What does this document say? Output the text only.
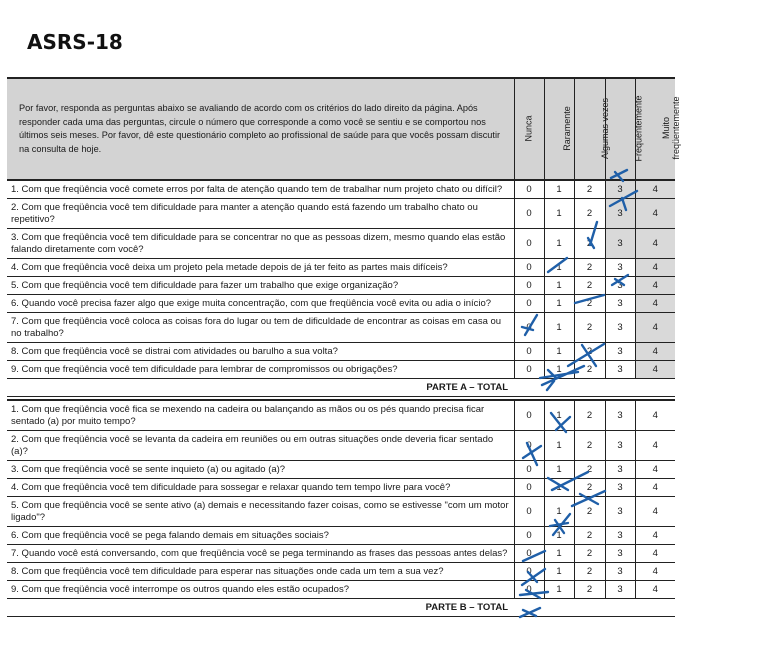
ASRS-18
Por favor, responda as perguntas abaixo se avaliando de acordo com os critérios do lado direito da página. Após responder cada uma das perguntas, circule o número que corresponde a como você se sentiu e se comportou nos últimos seis meses. Por favor, dê este questionário completo ao profissional de saúde para que vocês possam discutir na consulta de hoje.	Nunca	Raramente	Algumas vezes	Freqüentemente	Muito
freqüentemente
1. Com que freqüência você comete erros por falta de atenção quando tem de trabalhar num projeto chato ou difícil?	0	1	2	3	4
2. Com que freqüência você tem dificuldade para manter a atenção quando está fazendo um trabalho chato ou repetitivo?	0	1	2	3	4
3. Com que freqüência você tem dificuldade para se concentrar no que as pessoas dizem, mesmo quando elas estão falando diretamente com você?	0	1	2	3	4
4. Com que freqüência você deixa um projeto pela metade depois de já ter feito as partes mais difíceis?	0	1	2	3	4
5. Com que freqüência você tem dificuldade para fazer um trabalho que exige organização?	0	1	2	3	4
6. Quando você precisa fazer algo que exige muita concentração, com que freqüência você evita ou adia o início?	0	1	2	3	4
7. Com que freqüência você coloca as coisas fora do lugar ou tem de dificuldade de encontrar as coisas em casa ou no trabalho?	0	1	2	3	4
8. Com que freqüência você se distrai com atividades ou barulho a sua volta?	0	1	2	3	4
9. Com que freqüência você tem dificuldade para lembrar de compromissos ou obrigações?	0	1	2	3	4
PARTE A – TOTAL					

1. Com que freqüência você fica se mexendo na cadeira ou balançando as mãos ou os pés quando precisa ficar sentado (a) por muito tempo?	0	1	2	3	4
2. Com que freqüência você se levanta da cadeira em reuniões ou em outras situações onde deveria ficar sentado (a)?	0	1	2	3	4
3. Com que freqüência você se sente inquieto (a) ou agitado (a)?	0	1	2	3	4
4. Com que freqüência você tem dificuldade para sossegar e relaxar quando tem tempo livre para você?	0	1	2	3	4
5. Com que freqüência você se sente ativo (a) demais e necessitando fazer coisas, como se estivesse "com um motor ligado"?	0	1	2	3	4
6. Com que freqüência você se pega falando demais em situações sociais?	0	1	2	3	4
7. Quando você está conversando, com que freqüência você se pega terminando as frases das pessoas antes delas?	0	1	2	3	4
8. Com que freqüência você tem dificuldade para esperar nas situações onde cada um tem a sua vez?	0	1	2	3	4
9. Com que freqüência você interrompe os outros quando eles estão ocupados?	0	1	2	3	4
PARTE B – TOTAL					
